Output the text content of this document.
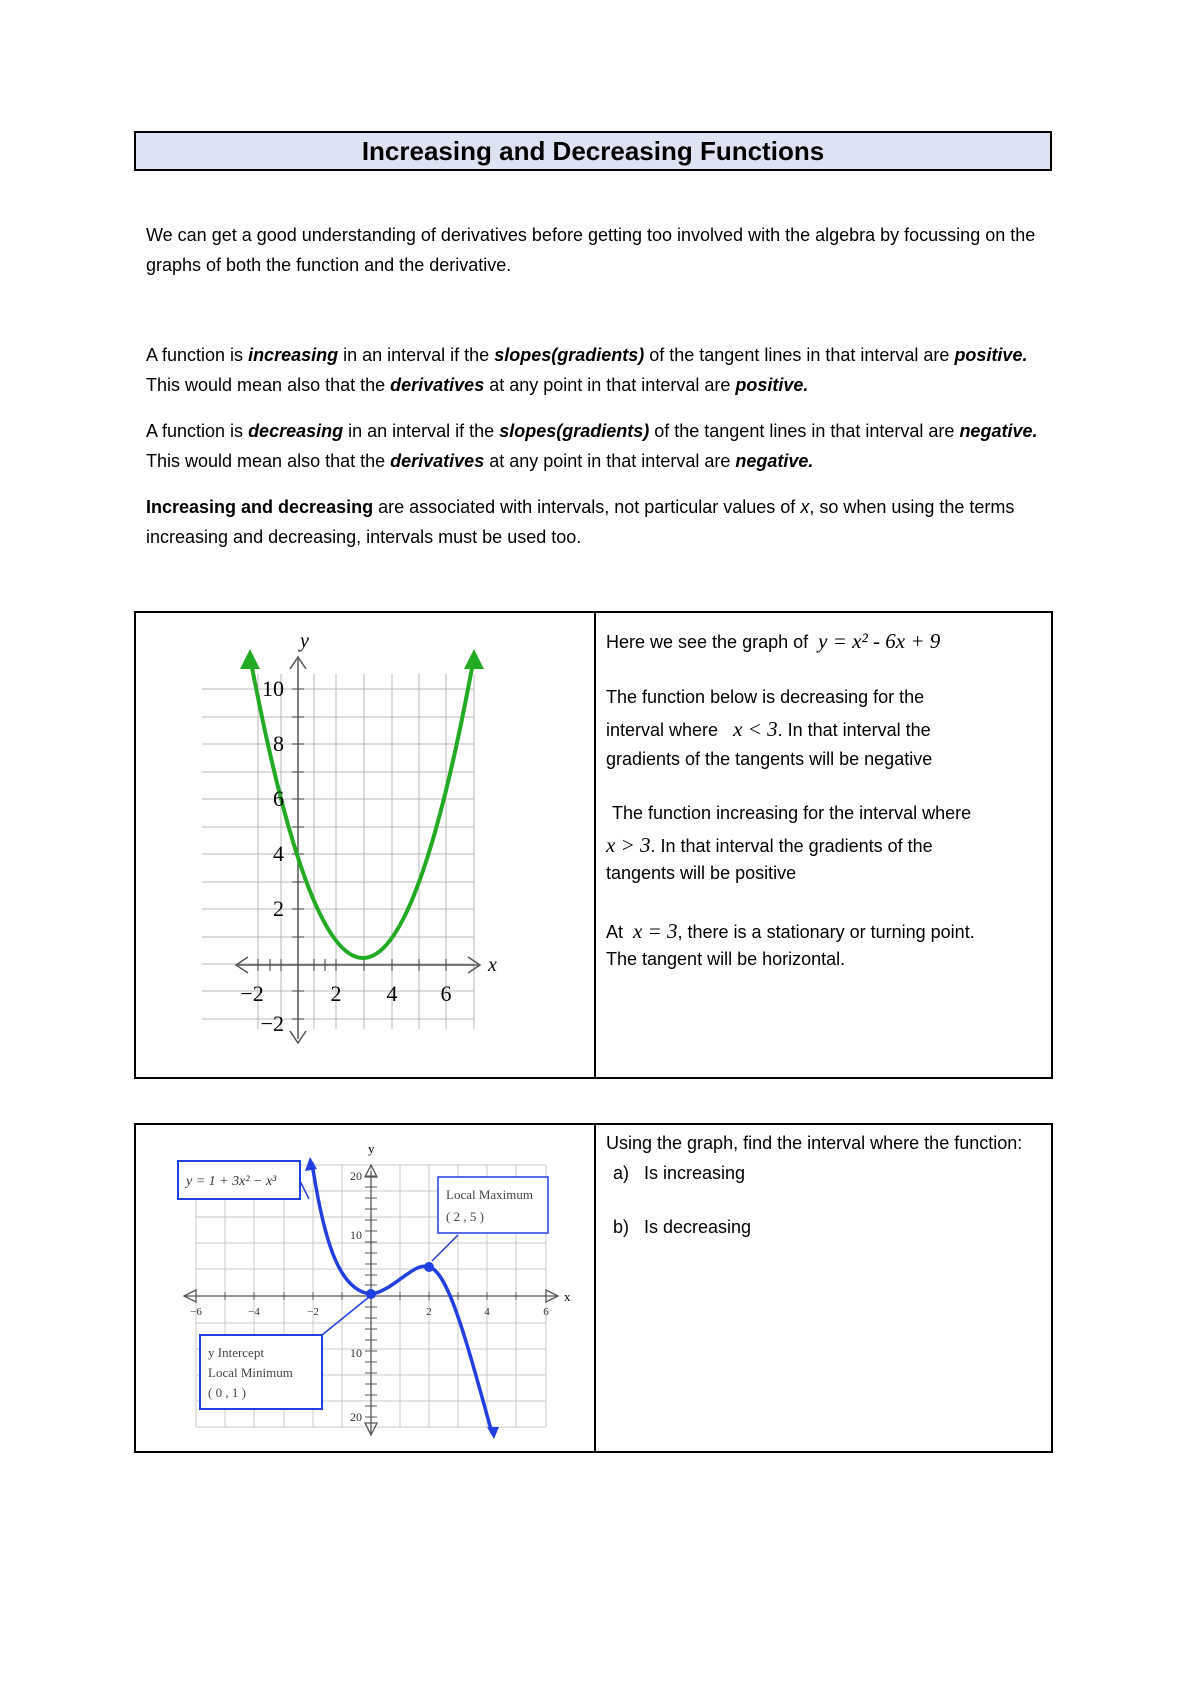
Increasing and Decreasing Functions

We can get a good understanding of derivatives before getting too involved with the algebra by focussing on the graphs of both the function and the derivative.

A function is increasing in an interval if the slopes(gradients) of the tangent lines in that interval are positive. This would mean also that the derivatives at any point in that interval are positive.

A function is decreasing in an interval if the slopes(gradients) of the tangent lines in that interval are negative. This would mean also that the derivatives at any point in that interval are negative.

Increasing and decreasing are associated with intervals, not particular values of x, so when using the terms increasing and decreasing, intervals must be used too.

y
x
10
8
6
4
2
−2
−2	2 4 6
Here we see the graph of y = x² - 6x + 9
The function below is decreasing for the
interval where x < 3. In that interval the
gradients of the tangents will be negative
The function increasing for the interval where
x > 3. In that interval the gradients of the
tangents will be positive
At x = 3, there is a stationary or turning point.
The tangent will be horizontal.
y = 1 + 3x² − x³
Local Maximum
( 2 , 5 )
y Intercept
Local Minimum
( 0 , 1 )
y
x
20
10
10
20
−6	−4	−2	2	4	6
Using the graph, find the interval where the function:
a. Is increasing
b. Is decreasing
